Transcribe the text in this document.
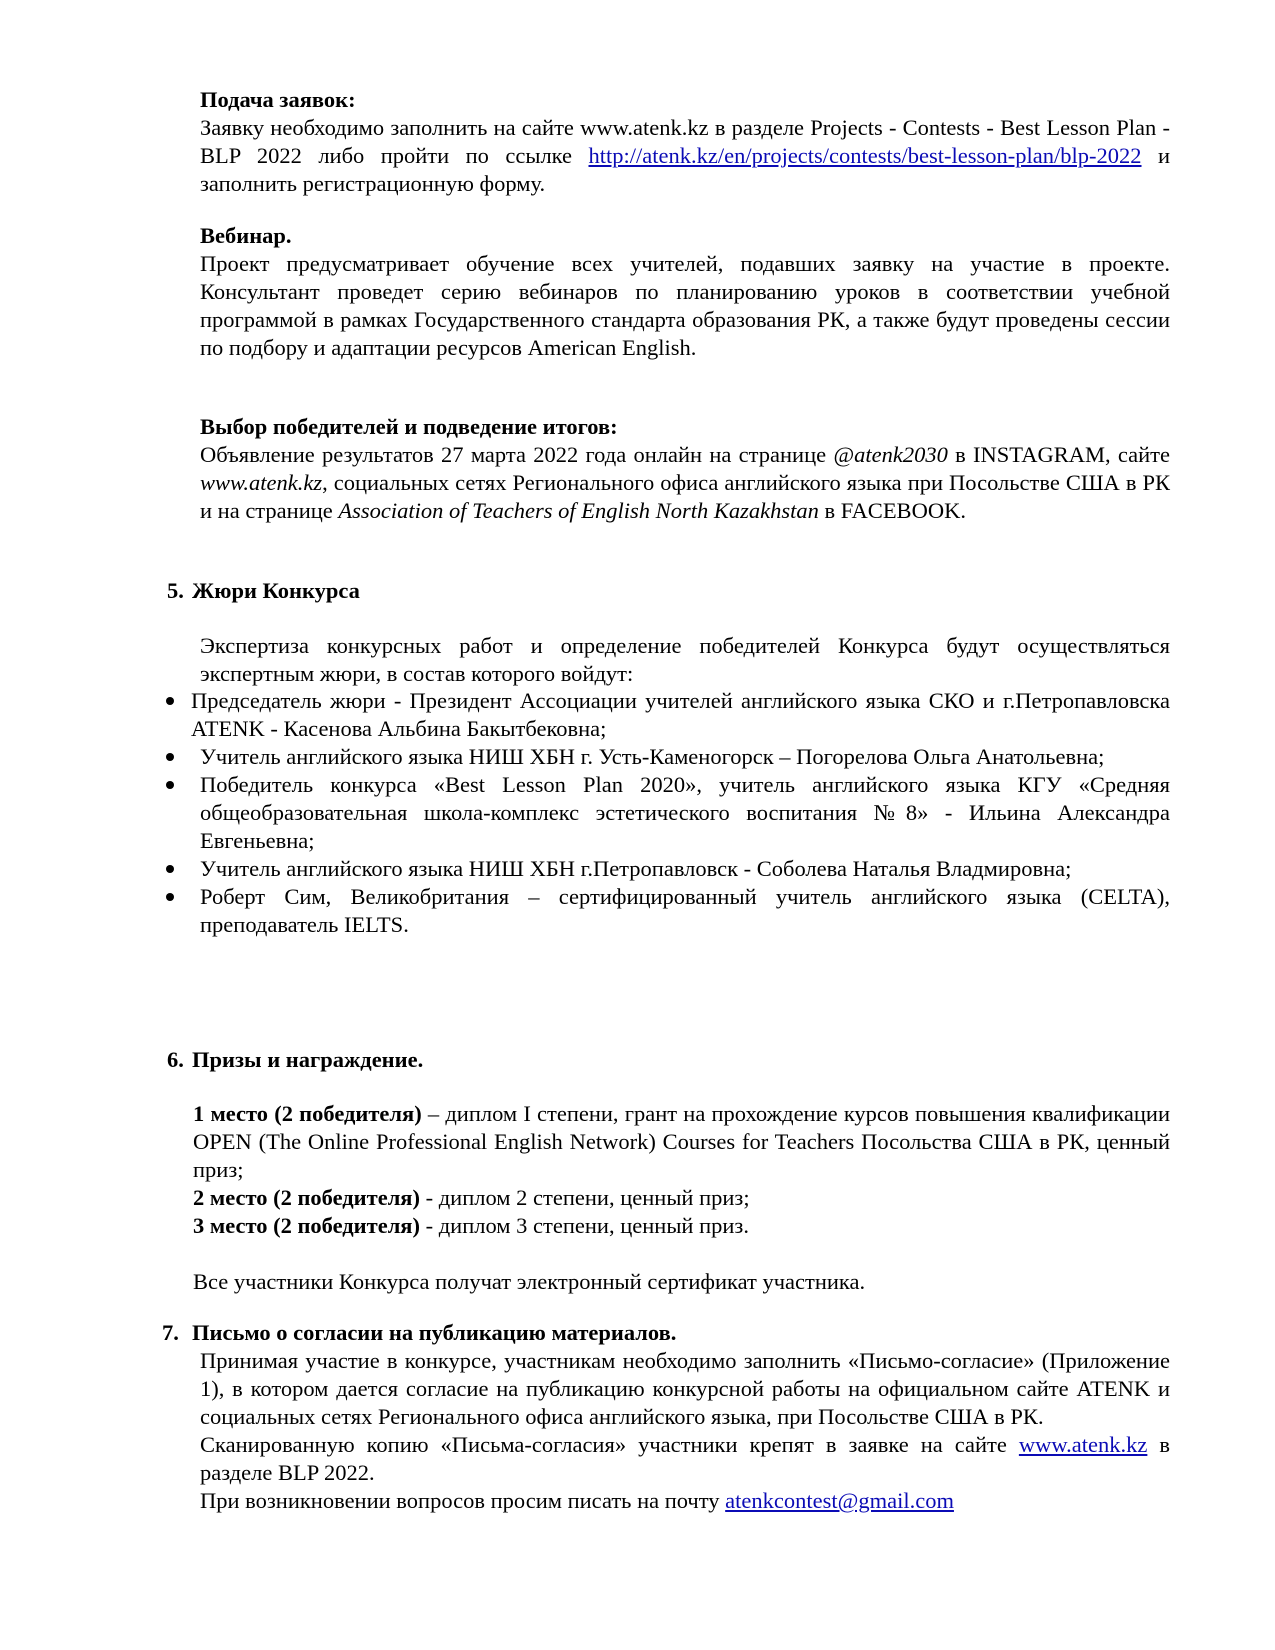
Подача заявок:

Заявку необходимо заполнить на сайте www.atenk.kz в разделе Projects - Contests - Best Lesson Plan - BLP 2022 либо пройти по ссылке http://atenk.kz/en/projects/contests/best-lesson-plan/blp-2022 и заполнить регистрационную форму.

Вебинар.

Проект предусматривает обучение всех учителей, подавших заявку на участие в проекте. Консультант проведет серию вебинаров по планированию уроков в соответствии учебной программой в рамках Государственного стандарта образования РК, а также будут проведены сессии по подбору и адаптации ресурсов American English.

Выбор победителей и подведение итогов:

Объявление результатов 27 марта 2022 года онлайн на странице @atenk2030 в INSTAGRAM, сайте www.atenk.kz, социальных сетях Регионального офиса английского языка при Посольстве США в РК и на странице Association of Teachers of English North Kazakhstan в FACEBOOK.

5. Жюри Конкурса
Экспертиза конкурсных работ и определение победителей Конкурса будут осуществляться экспертным жюри, в состав которого войдут:
Председатель жюри - Президент Ассоциации учителей английского языка СКО и г.Петропавловска ATENK - Касенова Альбина Бакытбековна;
Учитель английского языка НИШ ХБН г. Усть-Каменогорск – Погорелова Ольга Анатольевна;
Победитель конкурса «Best Lesson Plan 2020», учитель английского языка КГУ «Средняя общеобразовательная школа-комплекс эстетического воспитания №8» - Ильина Александра Евгеньевна;
Учитель английского языка НИШ ХБН г.Петропавловск - Соболева Наталья Владмировна;
Роберт Сим, Великобритания – сертифицированный учитель английского языка (CELTA), преподаватель IELTS.
6. Призы и награждение.

1 место (2 победителя) – диплом I степени, грант на прохождение курсов повышения квалификации OPEN (The Online Professional English Network) Courses for Teachers Посольства США в РК, ценный приз;

2 место (2 победителя) - диплом 2 степени, ценный приз;

3 место (2 победителя) - диплом 3 степени, ценный приз.

Все участники Конкурса получат электронный сертификат участника.

7. Письмо о согласии на публикацию материалов.

Принимая участие в конкурсе, участникам необходимо заполнить «Письмо-согласие» (Приложение 1), в котором дается согласие на публикацию конкурсной работы на официальном сайте ATENK и социальных сетях Регионального офиса английского языка, при Посольстве США в РК.

Сканированную копию «Письма-согласия» участники крепят в заявке на сайте www.atenk.kz в разделе BLP 2022.

При возникновении вопросов просим писать на почту atenkcontest@gmail.com
